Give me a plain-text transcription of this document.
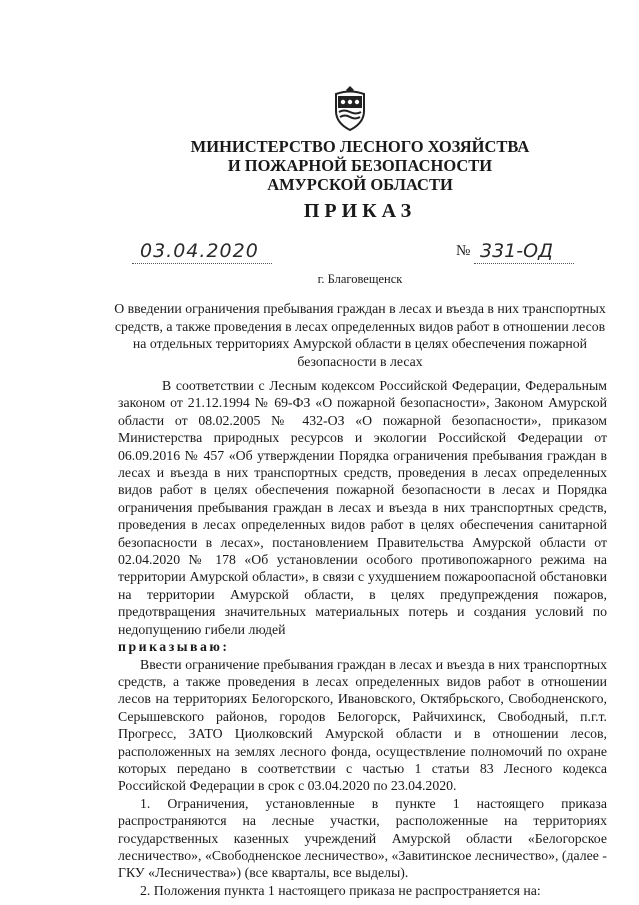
МИНИСТЕРСТВО ЛЕСНОГО ХОЗЯЙСТВА
И ПОЖАРНОЙ БЕЗОПАСНОСТИ
АМУРСКОЙ ОБЛАСТИ
ПРИКАЗ
03.04.2020	№ 331-ОД
г. Благовещенск
О введении ограничения пребывания граждан в лесах и въезда в них транспортных средств, а также проведения в лесах определенных видов работ в отношении лесов на отдельных территориях Амурской области в целях обеспечения пожарной безопасности в лесах

В соответствии с Лесным кодексом Российской Федерации, Федеральным законом от 21.12.1994 № 69-ФЗ «О пожарной безопасности», Законом Амурской области от 08.02.2005 № 432-ОЗ «О пожарной безопасности», приказом Министерства природных ресурсов и экологии Российской Федерации от 06.09.2016 № 457 «Об утверждении Порядка ограничения пребывания граждан в лесах и въезда в них транспортных средств, проведения в лесах определенных видов работ в целях обеспечения пожарной безопасности в лесах и Порядка ограничения пребывания граждан в лесах и въезда в них транспортных средств, проведения в лесах определенных видов работ в целях обеспечения санитарной безопасности в лесах», постановлением Правительства Амурской области от 02.04.2020 № 178 «Об установлении особого противопожарного режима на территории Амурской области», в связи с ухудшением пожароопасной обстановки на территории Амурской области, в целях предупреждения пожаров, предотвращения значительных материальных потерь и создания условий по недопущению гибели людей

приказываю:

Ввести ограничение пребывания граждан в лесах и въезда в них транспортных средств, а также проведения в лесах определенных видов работ в отношении лесов на территориях Белогорского, Ивановского, Октябрьского, Свободненского, Серышевского районов, городов Белогорск, Райчихинск, Свободный, п.г.т. Прогресс, ЗАТО Циолковский Амурской области и в отношении лесов, расположенных на землях лесного фонда, осуществление полномочий по охране которых передано в соответствии с частью 1 статьи 83 Лесного кодекса Российской Федерации в срок с 03.04.2020 по 23.04.2020.

1. Ограничения, установленные в пункте 1 настоящего приказа распространяются на лесные участки, расположенные на территориях государственных казенных учреждений Амурской области «Белогорское лесничество», «Свободненское лесничество», «Завитинское лесничество», (далее - ГКУ «Лесничества») (все кварталы, все выделы).

2. Положения пункта 1 настоящего приказа не распространяется на:
